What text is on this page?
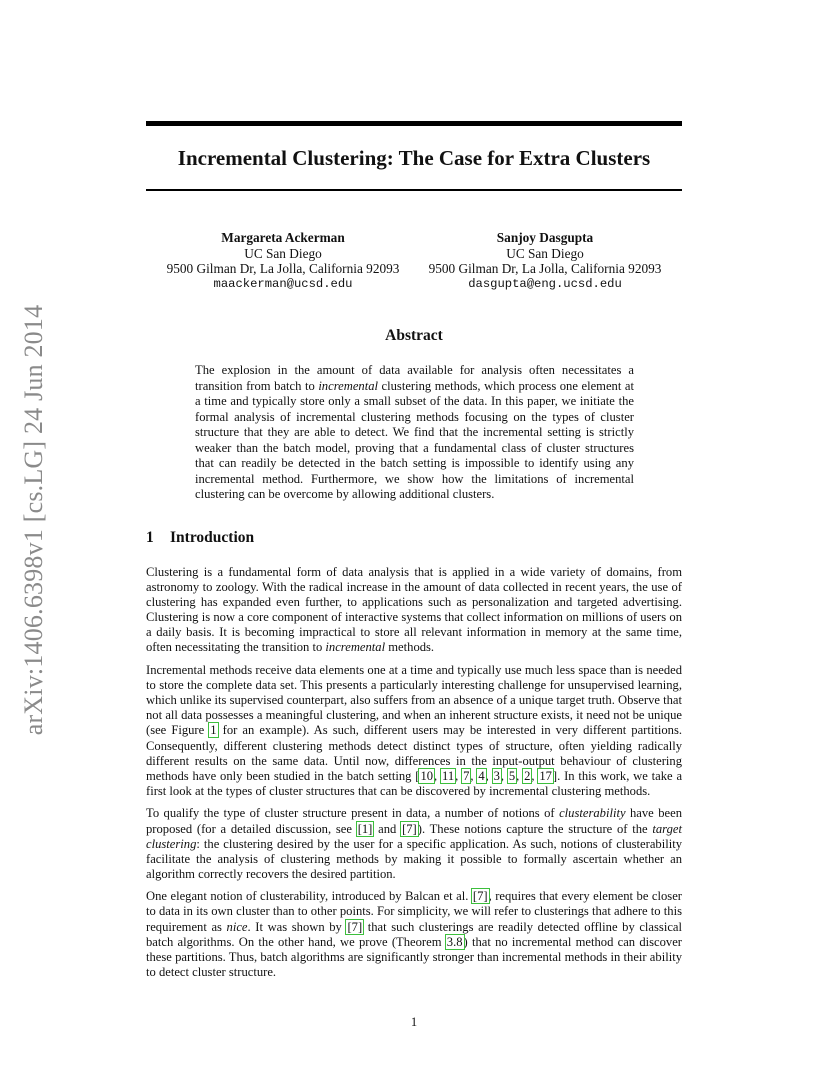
arXiv:1406.6398v1 [cs.LG] 24 Jun 2014
Incremental Clustering: The Case for Extra Clusters
Margareta Ackerman
UC San Diego
9500 Gilman Dr, La Jolla, California 92093
maackerman@ucsd.edu
Sanjoy Dasgupta
UC San Diego
9500 Gilman Dr, La Jolla, California 92093
dasgupta@eng.ucsd.edu
Abstract

The explosion in the amount of data available for analysis often necessitates a transition from batch to incremental clustering methods, which process one element at a time and typically store only a small subset of the data. In this paper, we initiate the formal analysis of incremental clustering methods focusing on the types of cluster structure that they are able to detect. We find that the incremental setting is strictly weaker than the batch model, proving that a fundamental class of cluster structures that can readily be detected in the batch setting is impossible to identify using any incremental method. Furthermore, we show how the limitations of incremental clustering can be overcome by allowing additional clusters.

1 Introduction

Clustering is a fundamental form of data analysis that is applied in a wide variety of domains, from astronomy to zoology. With the radical increase in the amount of data collected in recent years, the use of clustering has expanded even further, to applications such as personalization and targeted advertising. Clustering is now a core component of interactive systems that collect information on millions of users on a daily basis. It is becoming impractical to store all relevant information in memory at the same time, often necessitating the transition to incremental methods.

Incremental methods receive data elements one at a time and typically use much less space than is needed to store the complete data set. This presents a particularly interesting challenge for unsupervised learning, which unlike its supervised counterpart, also suffers from an absence of a unique target truth. Observe that not all data possesses a meaningful clustering, and when an inherent structure exists, it need not be unique (see Figure 1 for an example). As such, different users may be interested in very different partitions. Consequently, different clustering methods detect distinct types of structure, often yielding radically different results on the same data. Until now, differences in the input-output behaviour of clustering methods have only been studied in the batch setting [10, 11, 7, 4, 3, 5, 2, 17]. In this work, we take a first look at the types of cluster structures that can be discovered by incremental clustering methods.

To qualify the type of cluster structure present in data, a number of notions of clusterability have been proposed (for a detailed discussion, see [1] and [7]). These notions capture the structure of the target clustering: the clustering desired by the user for a specific application. As such, notions of clusterability facilitate the analysis of clustering methods by making it possible to formally ascertain whether an algorithm correctly recovers the desired partition.

One elegant notion of clusterability, introduced by Balcan et al. [7], requires that every element be closer to data in its own cluster than to other points. For simplicity, we will refer to clusterings that adhere to this requirement as nice. It was shown by [7] that such clusterings are readily detected offline by classical batch algorithms. On the other hand, we prove (Theorem 3.8) that no incremental method can discover these partitions. Thus, batch algorithms are significantly stronger than incremental methods in their ability to detect cluster structure.

1
